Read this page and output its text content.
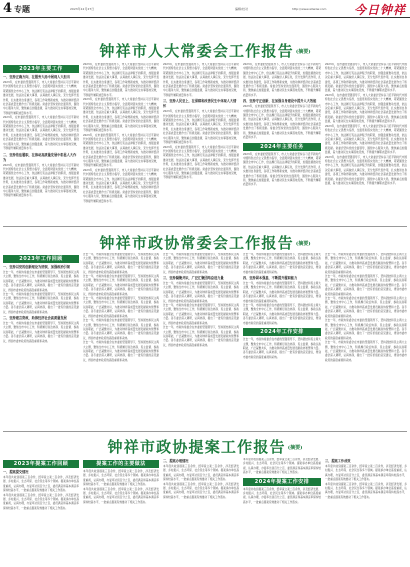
4 专题	2023年12月27日	编辑/校对	http://www.wtwzw.com 今日钟祥
钟祥市人大常委会工作报告 (摘要)
2023年主要工作
一、坚持正确方向，在服务大局中展现人大担当
2023年，在市委的坚强领导下，市人大常委会坚持以习近平新时代中国特色社会主义思想为指导，全面贯彻落实党的二十大精神，紧紧围绕全市中心工作，依法履行宪法法律赋予的职责，加强监督推动发展，依法决定重大事项，认真做好人事任免，充分发挥代表作用，扎实推进自身建设，各项工作取得新成效，为推动钟祥经济社会高质量发展作出了积极贡献。常委会坚持党的全面领导，围绕中心服务大局，聚焦重点加强监督，着力推动民生实事落地见效，不断提升履职质量和水平。
2023年，在市委的坚强领导下，市人大常委会坚持以习近平新时代中国特色社会主义思想为指导，全面贯彻落实党的二十大精神，紧紧围绕全市中心工作，依法履行宪法法律赋予的职责，加强监督推动发展，依法决定重大事项，认真做好人事任免，充分发挥代表作用，扎实推进自身建设，各项工作取得新成效，为推动钟祥经济社会高质量发展作出了积极贡献。常委会坚持党的全面领导，围绕中心服务大局，聚焦重点加强监督，着力推动民生实事落地见效，不断提升履职质量和水平。
二、坚持依法履职，在推动高质量发展中彰显人大作为
2023年，在市委的坚强领导下，市人大常委会坚持以习近平新时代中国特色社会主义思想为指导，全面贯彻落实党的二十大精神，紧紧围绕全市中心工作，依法履行宪法法律赋予的职责，加强监督推动发展，依法决定重大事项，认真做好人事任免，充分发挥代表作用，扎实推进自身建设，各项工作取得新成效，为推动钟祥经济社会高质量发展作出了积极贡献。常委会坚持党的全面领导，围绕中心服务大局，聚焦重点加强监督，着力推动民生实事落地见效，不断提升履职质量和水平。
2023年，在市委的坚强领导下，市人大常委会坚持以习近平新时代中国特色社会主义思想为指导，全面贯彻落实党的二十大精神，紧紧围绕全市中心工作，依法履行宪法法律赋予的职责，加强监督推动发展，依法决定重大事项，认真做好人事任免，充分发挥代表作用，扎实推进自身建设，各项工作取得新成效，为推动钟祥经济社会高质量发展作出了积极贡献。常委会坚持党的全面领导，围绕中心服务大局，聚焦重点加强监督，着力推动民生实事落地见效，不断提升履职质量和水平。
2023年，在市委的坚强领导下，市人大常委会坚持以习近平新时代中国特色社会主义思想为指导，全面贯彻落实党的二十大精神，紧紧围绕全市中心工作，依法履行宪法法律赋予的职责，加强监督推动发展，依法决定重大事项，认真做好人事任免，充分发挥代表作用，扎实推进自身建设，各项工作取得新成效，为推动钟祥经济社会高质量发展作出了积极贡献。常委会坚持党的全面领导，围绕中心服务大局，聚焦重点加强监督，着力推动民生实事落地见效，不断提升履职质量和水平。
2023年，在市委的坚强领导下，市人大常委会坚持以习近平新时代中国特色社会主义思想为指导，全面贯彻落实党的二十大精神，紧紧围绕全市中心工作，依法履行宪法法律赋予的职责，加强监督推动发展，依法决定重大事项，认真做好人事任免，充分发挥代表作用，扎实推进自身建设，各项工作取得新成效，为推动钟祥经济社会高质量发展作出了积极贡献。常委会坚持党的全面领导，围绕中心服务大局，聚焦重点加强监督，着力推动民生实事落地见效，不断提升履职质量和水平。
2023年，在市委的坚强领导下，市人大常委会坚持以习近平新时代中国特色社会主义思想为指导，全面贯彻落实党的二十大精神，紧紧围绕全市中心工作，依法履行宪法法律赋予的职责，加强监督推动发展，依法决定重大事项，认真做好人事任免，充分发挥代表作用，扎实推进自身建设，各项工作取得新成效，为推动钟祥经济社会高质量发展作出了积极贡献。常委会坚持党的全面领导，围绕中心服务大局，聚焦重点加强监督，着力推动民生实事落地见效，不断提升履职质量和水平。
2023年，在市委的坚强领导下，市人大常委会坚持以习近平新时代中国特色社会主义思想为指导，全面贯彻落实党的二十大精神，紧紧围绕全市中心工作，依法履行宪法法律赋予的职责，加强监督推动发展，依法决定重大事项，认真做好人事任免，充分发挥代表作用，扎实推进自身建设，各项工作取得新成效，为推动钟祥经济社会高质量发展作出了积极贡献。常委会坚持党的全面领导，围绕中心服务大局，聚焦重点加强监督，着力推动民生实事落地见效，不断提升履职质量和水平。
三、坚持人民至上，在保障和改善民生中体现人大情怀
2023年，在市委的坚强领导下，市人大常委会坚持以习近平新时代中国特色社会主义思想为指导，全面贯彻落实党的二十大精神，紧紧围绕全市中心工作，依法履行宪法法律赋予的职责，加强监督推动发展，依法决定重大事项，认真做好人事任免，充分发挥代表作用，扎实推进自身建设，各项工作取得新成效，为推动钟祥经济社会高质量发展作出了积极贡献。常委会坚持党的全面领导，围绕中心服务大局，聚焦重点加强监督，着力推动民生实事落地见效，不断提升履职质量和水平。
2023年，在市委的坚强领导下，市人大常委会坚持以习近平新时代中国特色社会主义思想为指导，全面贯彻落实党的二十大精神，紧紧围绕全市中心工作，依法履行宪法法律赋予的职责，加强监督推动发展，依法决定重大事项，认真做好人事任免，充分发挥代表作用，扎实推进自身建设，各项工作取得新成效，为推动钟祥经济社会高质量发展作出了积极贡献。常委会坚持党的全面领导，围绕中心服务大局，聚焦重点加强监督，着力推动民生实事落地见效，不断提升履职质量和水平。
2023年，在市委的坚强领导下，市人大常委会坚持以习近平新时代中国特色社会主义思想为指导，全面贯彻落实党的二十大精神，紧紧围绕全市中心工作，依法履行宪法法律赋予的职责，加强监督推动发展，依法决定重大事项，认真做好人事任免，充分发挥代表作用，扎实推进自身建设，各项工作取得新成效，为推动钟祥经济社会高质量发展作出了积极贡献。常委会坚持党的全面领导，围绕中心服务大局，聚焦重点加强监督，着力推动民生实事落地见效，不断提升履职质量和水平。
四、坚持守正创新，在加强自身建设中提升人大效能
2023年，在市委的坚强领导下，市人大常委会坚持以习近平新时代中国特色社会主义思想为指导，全面贯彻落实党的二十大精神，紧紧围绕全市中心工作，依法履行宪法法律赋予的职责，加强监督推动发展，依法决定重大事项，认真做好人事任免，充分发挥代表作用，扎实推进自身建设，各项工作取得新成效，为推动钟祥经济社会高质量发展作出了积极贡献。常委会坚持党的全面领导，围绕中心服务大局，聚焦重点加强监督，着力推动民生实事落地见效，不断提升履职质量和水平。
2024年主要任务
2023年，在市委的坚强领导下，市人大常委会坚持以习近平新时代中国特色社会主义思想为指导，全面贯彻落实党的二十大精神，紧紧围绕全市中心工作，依法履行宪法法律赋予的职责，加强监督推动发展，依法决定重大事项，认真做好人事任免，充分发挥代表作用，扎实推进自身建设，各项工作取得新成效，为推动钟祥经济社会高质量发展作出了积极贡献。常委会坚持党的全面领导，围绕中心服务大局，聚焦重点加强监督，着力推动民生实事落地见效，不断提升履职质量和水平。
2023年，在市委的坚强领导下，市人大常委会坚持以习近平新时代中国特色社会主义思想为指导，全面贯彻落实党的二十大精神，紧紧围绕全市中心工作，依法履行宪法法律赋予的职责，加强监督推动发展，依法决定重大事项，认真做好人事任免，充分发挥代表作用，扎实推进自身建设，各项工作取得新成效，为推动钟祥经济社会高质量发展作出了积极贡献。常委会坚持党的全面领导，围绕中心服务大局，聚焦重点加强监督，着力推动民生实事落地见效，不断提升履职质量和水平。
2023年，在市委的坚强领导下，市人大常委会坚持以习近平新时代中国特色社会主义思想为指导，全面贯彻落实党的二十大精神，紧紧围绕全市中心工作，依法履行宪法法律赋予的职责，加强监督推动发展，依法决定重大事项，认真做好人事任免，充分发挥代表作用，扎实推进自身建设，各项工作取得新成效，为推动钟祥经济社会高质量发展作出了积极贡献。常委会坚持党的全面领导，围绕中心服务大局，聚焦重点加强监督，着力推动民生实事落地见效，不断提升履职质量和水平。
2023年，在市委的坚强领导下，市人大常委会坚持以习近平新时代中国特色社会主义思想为指导，全面贯彻落实党的二十大精神，紧紧围绕全市中心工作，依法履行宪法法律赋予的职责，加强监督推动发展，依法决定重大事项，认真做好人事任免，充分发挥代表作用，扎实推进自身建设，各项工作取得新成效，为推动钟祥经济社会高质量发展作出了积极贡献。常委会坚持党的全面领导，围绕中心服务大局，聚焦重点加强监督，着力推动民生实事落地见效，不断提升履职质量和水平。
2023年，在市委的坚强领导下，市人大常委会坚持以习近平新时代中国特色社会主义思想为指导，全面贯彻落实党的二十大精神，紧紧围绕全市中心工作，依法履行宪法法律赋予的职责，加强监督推动发展，依法决定重大事项，认真做好人事任免，充分发挥代表作用，扎实推进自身建设，各项工作取得新成效，为推动钟祥经济社会高质量发展作出了积极贡献。常委会坚持党的全面领导，围绕中心服务大局，聚焦重点加强监督，着力推动民生实事落地见效，不断提升履职质量和水平。
钟祥市政协常委会工作报告 (摘要)
2023年工作回顾
一、坚持以党的创新理论为统领，加强政治引领
过去一年，市政协常委会在市委的坚强领导下，坚持团结和民主两大主题，聚焦全市中心工作，积极履行政治协商、民主监督、参政议政职能，广泛凝聚共识，为推动钟祥高质量发展贡献政协智慧和力量。各专委会深入调研，认真协商，提出了一批有价值的意见建议，得到市委市政府的高度重视和采纳。
过去一年，市政协常委会在市委的坚强领导下，坚持团结和民主两大主题，聚焦全市中心工作，积极履行政治协商、民主监督、参政议政职能，广泛凝聚共识，为推动钟祥高质量发展贡献政协智慧和力量。各专委会深入调研，认真协商，提出了一批有价值的意见建议，得到市委市政府的高度重视和采纳。
二、坚持建言资政，助推经济社会高质量发展
过去一年，市政协常委会在市委的坚强领导下，坚持团结和民主两大主题，聚焦全市中心工作，积极履行政治协商、民主监督、参政议政职能，广泛凝聚共识，为推动钟祥高质量发展贡献政协智慧和力量。各专委会深入调研，认真协商，提出了一批有价值的意见建议，得到市委市政府的高度重视和采纳。
过去一年，市政协常委会在市委的坚强领导下，坚持团结和民主两大主题，聚焦全市中心工作，积极履行政治协商、民主监督、参政议政职能，广泛凝聚共识，为推动钟祥高质量发展贡献政协智慧和力量。各专委会深入调研，认真协商，提出了一批有价值的意见建议，得到市委市政府的高度重视和采纳。
过去一年，市政协常委会在市委的坚强领导下，坚持团结和民主两大主题，聚焦全市中心工作，积极履行政治协商、民主监督、参政议政职能，广泛凝聚共识，为推动钟祥高质量发展贡献政协智慧和力量。各专委会深入调研，认真协商，提出了一批有价值的意见建议，得到市委市政府的高度重视和采纳。
过去一年，市政协常委会在市委的坚强领导下，坚持团结和民主两大主题，聚焦全市中心工作，积极履行政治协商、民主监督、参政议政职能，广泛凝聚共识，为推动钟祥高质量发展贡献政协智慧和力量。各专委会深入调研，认真协商，提出了一批有价值的意见建议，得到市委市政府的高度重视和采纳。
过去一年，市政协常委会在市委的坚强领导下，坚持团结和民主两大主题，聚焦全市中心工作，积极履行政治协商、民主监督、参政议政职能，广泛凝聚共识，为推动钟祥高质量发展贡献政协智慧和力量。各专委会深入调研，认真协商，提出了一批有价值的意见建议，得到市委市政府的高度重视和采纳。
过去一年，市政协常委会在市委的坚强领导下，坚持团结和民主两大主题，聚焦全市中心工作，积极履行政治协商、民主监督、参政议政职能，广泛凝聚共识，为推动钟祥高质量发展贡献政协智慧和力量。各专委会深入调研，认真协商，提出了一批有价值的意见建议，得到市委市政府的高度重视和采纳。
过去一年，市政协常委会在市委的坚强领导下，坚持团结和民主两大主题，聚焦全市中心工作，积极履行政治协商、民主监督、参政议政职能，广泛凝聚共识，为推动钟祥高质量发展贡献政协智慧和力量。各专委会深入调研，认真协商，提出了一批有价值的意见建议，得到市委市政府的高度重视和采纳。
三、坚持凝聚共识，广泛汇聚团结奋进力量
过去一年，市政协常委会在市委的坚强领导下，坚持团结和民主两大主题，聚焦全市中心工作，积极履行政治协商、民主监督、参政议政职能，广泛凝聚共识，为推动钟祥高质量发展贡献政协智慧和力量。各专委会深入调研，认真协商，提出了一批有价值的意见建议，得到市委市政府的高度重视和采纳。
过去一年，市政协常委会在市委的坚强领导下，坚持团结和民主两大主题，聚焦全市中心工作，积极履行政治协商、民主监督、参政议政职能，广泛凝聚共识，为推动钟祥高质量发展贡献政协智慧和力量。各专委会深入调研，认真协商，提出了一批有价值的意见建议，得到市委市政府的高度重视和采纳。
过去一年，市政协常委会在市委的坚强领导下，坚持团结和民主两大主题，聚焦全市中心工作，积极履行政治协商、民主监督、参政议政职能，广泛凝聚共识，为推动钟祥高质量发展贡献政协智慧和力量。各专委会深入调研，认真协商，提出了一批有价值的意见建议，得到市委市政府的高度重视和采纳。
过去一年，市政协常委会在市委的坚强领导下，坚持团结和民主两大主题，聚焦全市中心工作，积极履行政治协商、民主监督、参政议政职能，广泛凝聚共识，为推动钟祥高质量发展贡献政协智慧和力量。各专委会深入调研，认真协商，提出了一批有价值的意见建议，得到市委市政府的高度重视和采纳。
四、坚持固本强基，不断提升履职能力
过去一年，市政协常委会在市委的坚强领导下，坚持团结和民主两大主题，聚焦全市中心工作，积极履行政治协商、民主监督、参政议政职能，广泛凝聚共识，为推动钟祥高质量发展贡献政协智慧和力量。各专委会深入调研，认真协商，提出了一批有价值的意见建议，得到市委市政府的高度重视和采纳。
过去一年，市政协常委会在市委的坚强领导下，坚持团结和民主两大主题，聚焦全市中心工作，积极履行政治协商、民主监督、参政议政职能，广泛凝聚共识，为推动钟祥高质量发展贡献政协智慧和力量。各专委会深入调研，认真协商，提出了一批有价值的意见建议，得到市委市政府的高度重视和采纳。
2024年工作安排
过去一年，市政协常委会在市委的坚强领导下，坚持团结和民主两大主题，聚焦全市中心工作，积极履行政治协商、民主监督、参政议政职能，广泛凝聚共识，为推动钟祥高质量发展贡献政协智慧和力量。各专委会深入调研，认真协商，提出了一批有价值的意见建议，得到市委市政府的高度重视和采纳。
过去一年，市政协常委会在市委的坚强领导下，坚持团结和民主两大主题，聚焦全市中心工作，积极履行政治协商、民主监督、参政议政职能，广泛凝聚共识，为推动钟祥高质量发展贡献政协智慧和力量。各专委会深入调研，认真协商，提出了一批有价值的意见建议，得到市委市政府的高度重视和采纳。
过去一年，市政协常委会在市委的坚强领导下，坚持团结和民主两大主题，聚焦全市中心工作，积极履行政治协商、民主监督、参政议政职能，广泛凝聚共识，为推动钟祥高质量发展贡献政协智慧和力量。各专委会深入调研，认真协商，提出了一批有价值的意见建议，得到市委市政府的高度重视和采纳。
过去一年，市政协常委会在市委的坚强领导下，坚持团结和民主两大主题，聚焦全市中心工作，积极履行政治协商、民主监督、参政议政职能，广泛凝聚共识，为推动钟祥高质量发展贡献政协智慧和力量。各专委会深入调研，认真协商，提出了一批有价值的意见建议，得到市委市政府的高度重视和采纳。
过去一年，市政协常委会在市委的坚强领导下，坚持团结和民主两大主题，聚焦全市中心工作，积极履行政治协商、民主监督、参政议政职能，广泛凝聚共识，为推动钟祥高质量发展贡献政协智慧和力量。各专委会深入调研，认真协商，提出了一批有价值的意见建议，得到市委市政府的高度重视和采纳。
过去一年，市政协常委会在市委的坚强领导下，坚持团结和民主两大主题，聚焦全市中心工作，积极履行政治协商、民主监督、参政议政职能，广泛凝聚共识，为推动钟祥高质量发展贡献政协智慧和力量。各专委会深入调研，认真协商，提出了一批有价值的意见建议，得到市委市政府的高度重视和采纳。
钟祥市政协提案工作报告 (摘要)
2023年提案工作回顾
一、提案提交情况
本年度共收到提案三百余件，经审查立案二百余件，涉及经济发展、乡村振兴、生态环保、社会民生等多个领域。提案承办单位高度重视，认真办理，办复率达到百分之百，委员满意和基本满意率保持较高水平，一批重点提案有效推动了相关工作落实。
本年度共收到提案三百余件，经审查立案二百余件，涉及经济发展、乡村振兴、生态环保、社会民生等多个领域。提案承办单位高度重视，认真办理，办复率达到百分之百，委员满意和基本满意率保持较高水平，一批重点提案有效推动了相关工作落实。
提案工作的主要做法
本年度共收到提案三百余件，经审查立案二百余件，涉及经济发展、乡村振兴、生态环保、社会民生等多个领域。提案承办单位高度重视，认真办理，办复率达到百分之百，委员满意和基本满意率保持较高水平，一批重点提案有效推动了相关工作落实。
本年度共收到提案三百余件，经审查立案二百余件，涉及经济发展、乡村振兴、生态环保、社会民生等多个领域。提案承办单位高度重视，认真办理，办复率达到百分之百，委员满意和基本满意率保持较高水平，一批重点提案有效推动了相关工作落实。
二、提案办理情况
本年度共收到提案三百余件，经审查立案二百余件，涉及经济发展、乡村振兴、生态环保、社会民生等多个领域。提案承办单位高度重视，认真办理，办复率达到百分之百，委员满意和基本满意率保持较高水平，一批重点提案有效推动了相关工作落实。
本年度共收到提案三百余件，经审查立案二百余件，涉及经济发展、乡村振兴、生态环保、社会民生等多个领域。提案承办单位高度重视，认真办理，办复率达到百分之百，委员满意和基本满意率保持较高水平，一批重点提案有效推动了相关工作落实。
本年度共收到提案三百余件，经审查立案二百余件，涉及经济发展、乡村振兴、生态环保、社会民生等多个领域。提案承办单位高度重视，认真办理，办复率达到百分之百，委员满意和基本满意率保持较高水平，一批重点提案有效推动了相关工作落实。
2024年提案工作安排
本年度共收到提案三百余件，经审查立案二百余件，涉及经济发展、乡村振兴、生态环保、社会民生等多个领域。提案承办单位高度重视，认真办理，办复率达到百分之百，委员满意和基本满意率保持较高水平，一批重点提案有效推动了相关工作落实。
三、提案工作成效
本年度共收到提案三百余件，经审查立案二百余件，涉及经济发展、乡村振兴、生态环保、社会民生等多个领域。提案承办单位高度重视，认真办理，办复率达到百分之百，委员满意和基本满意率保持较高水平，一批重点提案有效推动了相关工作落实。
本年度共收到提案三百余件，经审查立案二百余件，涉及经济发展、乡村振兴、生态环保、社会民生等多个领域。提案承办单位高度重视，认真办理，办复率达到百分之百，委员满意和基本满意率保持较高水平，一批重点提案有效推动了相关工作落实。
